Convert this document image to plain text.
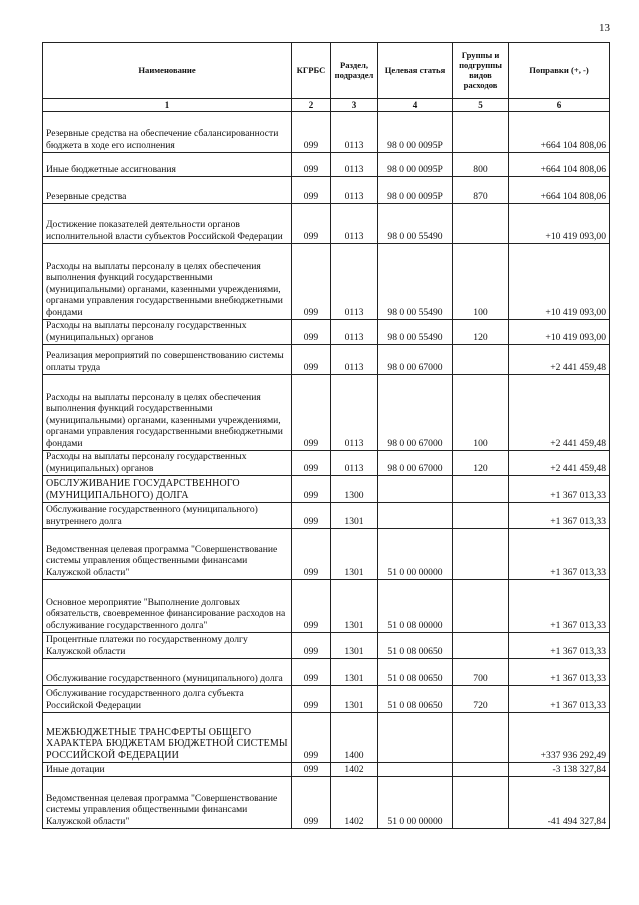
13
Наименование	КГРБС	Раздел, подраздел	Целевая статья	Группы и подгруппы видов расходов	Поправки (+, -)
1	2	3	4	5	6
Резервные средства на обеспечение сбалансированности бюджета в ходе его исполнения	099	0113	98 0 00 0095P		+664 104 808,06
Иные бюджетные ассигнования	099	0113	98 0 00 0095P	800	+664 104 808,06
Резервные средства	099	0113	98 0 00 0095P	870	+664 104 808,06
Достижение показателей деятельности органов исполнительной власти субъектов Российской Федерации	099	0113	98 0 00 55490		+10 419 093,00
Расходы на выплаты персоналу в целях обеспечения выполнения функций государственными (муниципальными) органами, казенными учреждениями, органами управления государственными внебюджетными фондами	099	0113	98 0 00 55490	100	+10 419 093,00
Расходы на выплаты персоналу государственных (муниципальных) органов	099	0113	98 0 00 55490	120	+10 419 093,00
Реализация мероприятий по совершенствованию системы оплаты труда	099	0113	98 0 00 67000		+2 441 459,48
Расходы на выплаты персоналу в целях обеспечения выполнения функций государственными (муниципальными) органами, казенными учреждениями, органами управления государственными внебюджетными фондами	099	0113	98 0 00 67000	100	+2 441 459,48
Расходы на выплаты персоналу государственных (муниципальных) органов	099	0113	98 0 00 67000	120	+2 441 459,48
ОБСЛУЖИВАНИЕ ГОСУДАРСТВЕННОГО (МУНИЦИПАЛЬНОГО) ДОЛГА	099	1300			+1 367 013,33
Обслуживание государственного (муниципального) внутреннего долга	099	1301			+1 367 013,33
Ведомственная целевая программа "Совершенствование системы управления общественными финансами Калужской области"	099	1301	51 0 00 00000		+1 367 013,33
Основное мероприятие "Выполнение долговых обязательств, своевременное финансирование расходов на обслуживание государственного долга"	099	1301	51 0 08 00000		+1 367 013,33
Процентные платежи по государственному долгу Калужской области	099	1301	51 0 08 00650		+1 367 013,33
Обслуживание государственного (муниципального) долга	099	1301	51 0 08 00650	700	+1 367 013,33
Обслуживание государственного долга субъекта Российской Федерации	099	1301	51 0 08 00650	720	+1 367 013,33
МЕЖБЮДЖЕТНЫЕ ТРАНСФЕРТЫ ОБЩЕГО ХАРАКТЕРА БЮДЖЕТАМ БЮДЖЕТНОЙ СИСТЕМЫ РОССИЙСКОЙ ФЕДЕРАЦИИ	099	1400			+337 936 292,49
Иные дотации	099	1402			-3 138 327,84
Ведомственная целевая программа "Совершенствование системы управления общественными финансами Калужской области"	099	1402	51 0 00 00000		-41 494 327,84
